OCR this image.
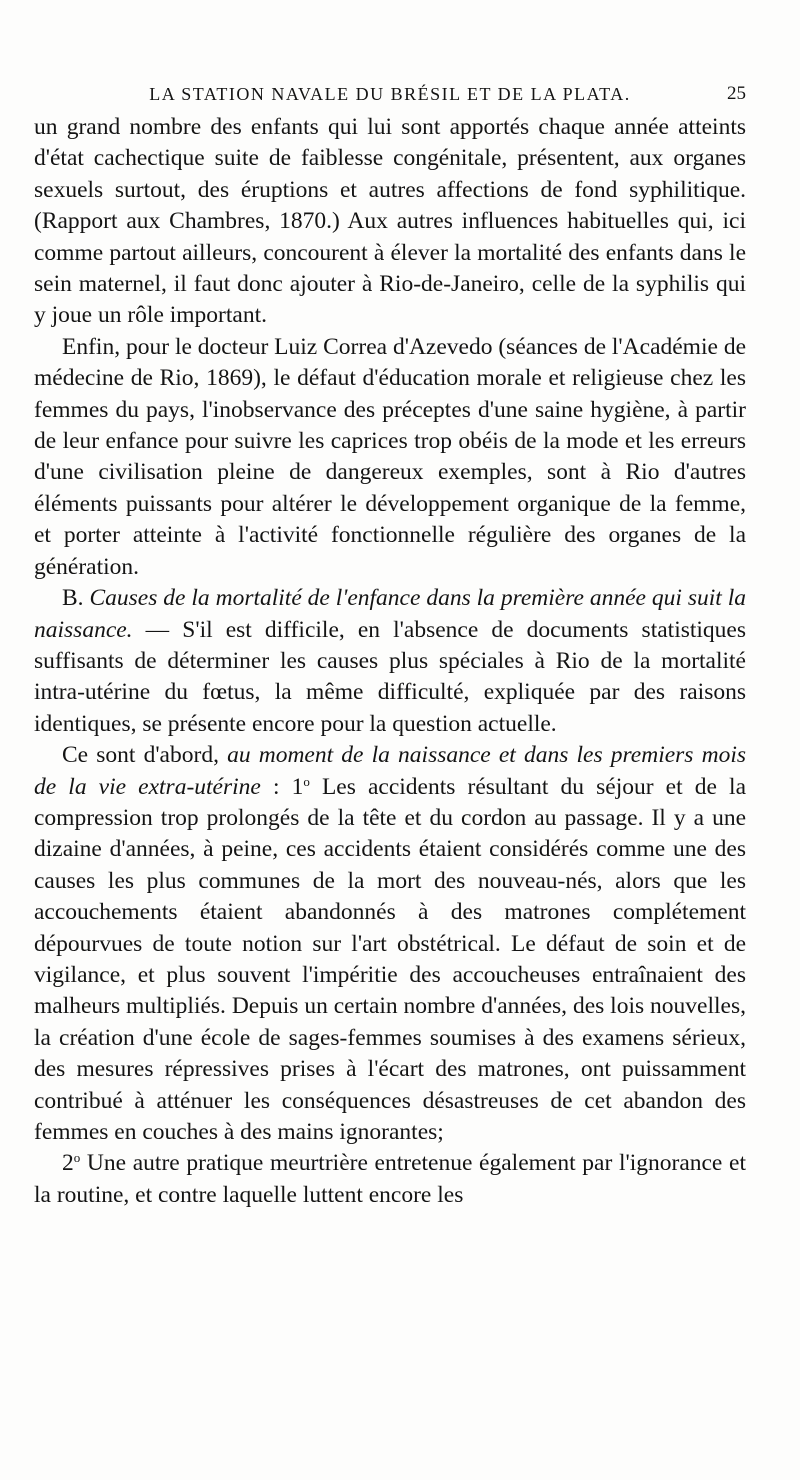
LA STATION NAVALE DU BRÉSIL ET DE LA PLATA.	25

un grand nombre des enfants qui lui sont apportés chaque année atteints d'état cachectique suite de faiblesse congénitale, présentent, aux organes sexuels surtout, des éruptions et autres affections de fond syphilitique. (Rapport aux Chambres, 1870.) Aux autres influences habituelles qui, ici comme partout ailleurs, concourent à élever la mortalité des enfants dans le sein maternel, il faut donc ajouter à Rio-de-Janeiro, celle de la syphilis qui y joue un rôle important.

Enfin, pour le docteur Luiz Correa d'Azevedo (séances de l'Académie de médecine de Rio, 1869), le défaut d'éducation morale et religieuse chez les femmes du pays, l'inobservance des préceptes d'une saine hygiène, à partir de leur enfance pour suivre les caprices trop obéis de la mode et les erreurs d'une civilisation pleine de dangereux exemples, sont à Rio d'autres éléments puissants pour altérer le développement organique de la femme, et porter atteinte à l'activité fonctionnelle régulière des organes de la génération.

B. Causes de la mortalité de l'enfance dans la première année qui suit la naissance. — S'il est difficile, en l'absence de documents statistiques suffisants de déterminer les causes plus spéciales à Rio de la mortalité intra-utérine du fœtus, la même difficulté, expliquée par des raisons identiques, se présente encore pour la question actuelle.

Ce sont d'abord, au moment de la naissance et dans les premiers mois de la vie extra-utérine : 1$^o$ Les accidents résultant du séjour et de la compression trop prolongés de la tête et du cordon au passage. Il y a une dizaine d'années, à peine, ces accidents étaient considérés comme une des causes les plus communes de la mort des nouveau-nés, alors que les accouchements étaient abandonnés à des matrones complétement dépourvues de toute notion sur l'art obstétrical. Le défaut de soin et de vigilance, et plus souvent l'impéritie des accoucheuses entraînaient des malheurs multipliés. Depuis un certain nombre d'années, des lois nouvelles, la création d'une école de sages-femmes soumises à des examens sérieux, des mesures répressives prises à l'écart des matrones, ont puissamment contribué à atténuer les conséquences désastreuses de cet abandon des femmes en couches à des mains ignorantes;

2$^o$ Une autre pratique meurtrière entretenue également par l'ignorance et la routine, et contre laquelle luttent encore les
